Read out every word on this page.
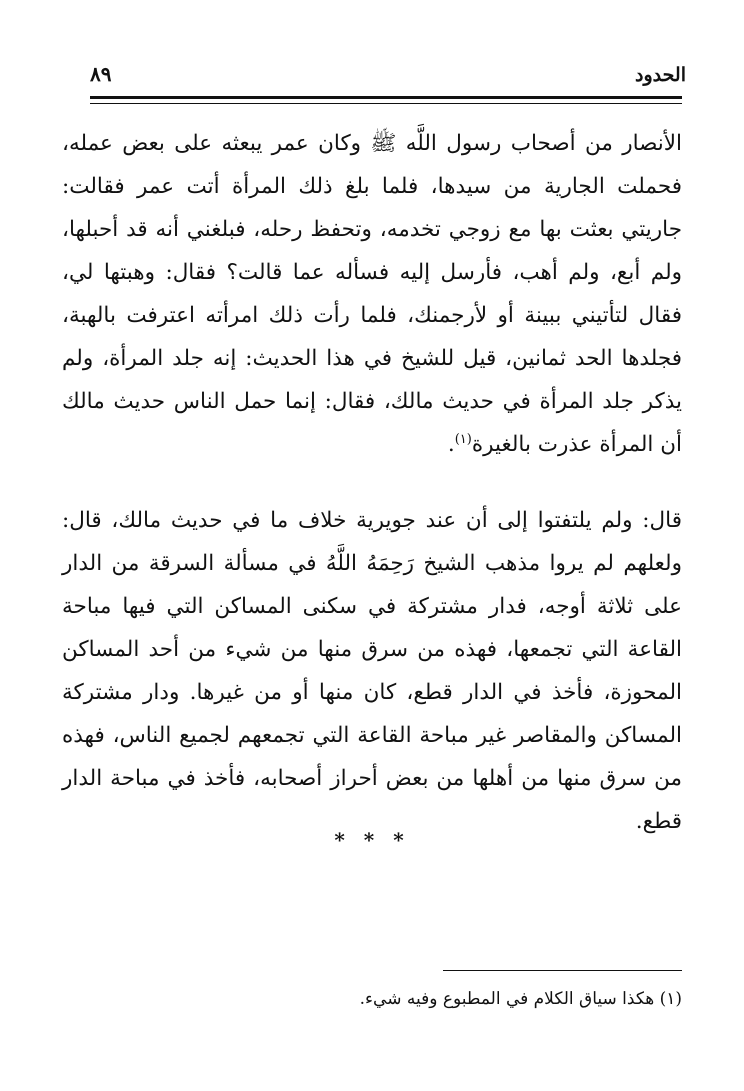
الحدود
٨٩

الأنصار من أصحاب رسول اللَّه ﷺ وكان عمر يبعثه على بعض عمله، فحملت الجارية من سيدها، فلما بلغ ذلك المرأة أتت عمر فقالت: جاريتي بعثت بها مع زوجي تخدمه، وتحفظ رحله، فبلغني أنه قد أحبلها، ولم أبع، ولم أهب، فأرسل إليه فسأله عما قالت؟ فقال: وهبتها لي، فقال لتأتيني ببينة أو لأرجمنك، فلما رأت ذلك امرأته اعترفت بالهبة، فجلدها الحد ثمانين، قيل للشيخ في هذا الحديث: إنه جلد المرأة، ولم يذكر جلد المرأة في حديث مالك، فقال: إنما حمل الناس حديث مالك أن المرأة عذرت بالغيرة$^{(١)}$.

قال: ولم يلتفتوا إلى أن عند جويرية خلاف ما في حديث مالك، قال: ولعلهم لم يروا مذهب الشيخ رَحِمَهُ اللَّهُ في مسألة السرقة من الدار على ثلاثة أوجه، فدار مشتركة في سكنى المساكن التي فيها مباحة القاعة التي تجمعها، فهذه من سرق منها من شيء من أحد المساكن المحوزة، فأخذ في الدار قطع، كان منها أو من غيرها. ودار مشتركة المساكن والمقاصر غير مباحة القاعة التي تجمعهم لجميع الناس، فهذه من سرق منها من أهلها من بعض أحراز أصحابه، فأخذ في مباحة الدار قطع.

* * *
(١) هكذا سياق الكلام في المطبوع وفيه شيء.
